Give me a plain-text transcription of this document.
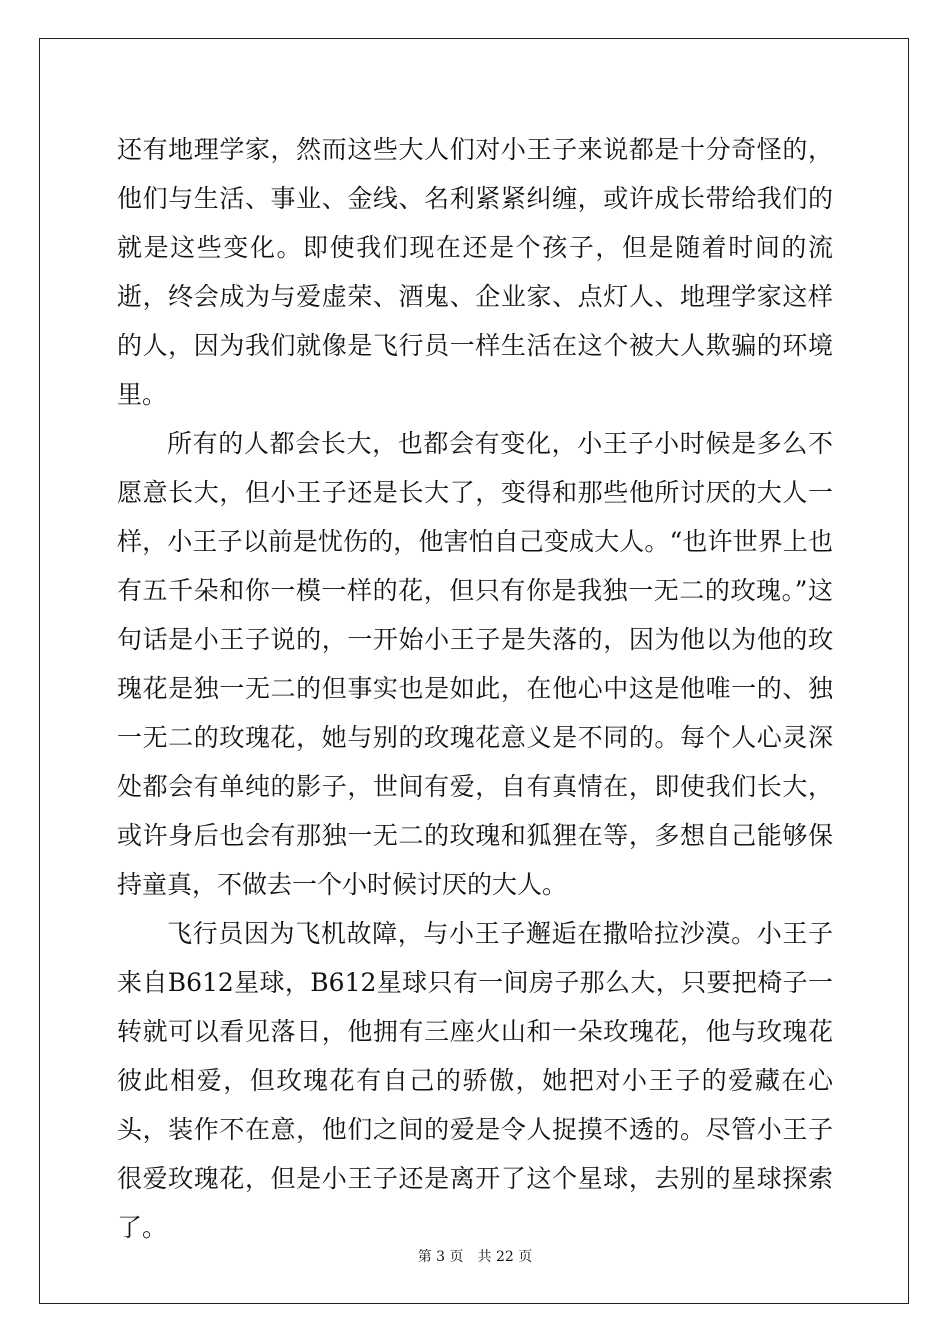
还有地理学家，然而这些大人们对小王子来说都是十分奇怪的，他们与生活、事业、金线、名利紧紧纠缠，或许成长带给我们的就是这些变化。即使我们现在还是个孩子，但是随着时间的流逝，终会成为与爱虚荣、酒鬼、企业家、点灯人、地理学家这样的人，因为我们就像是飞行员一样生活在这个被大人欺骗的环境里。

所有的人都会长大，也都会有变化，小王子小时候是多么不愿意长大，但小王子还是长大了，变得和那些他所讨厌的大人一样，小王子以前是忧伤的，他害怕自己变成大人。“也许世界上也有五千朵和你一模一样的花，但只有你是我独一无二的玫瑰。”这句话是小王子说的，一开始小王子是失落的，因为他以为他的玫瑰花是独一无二的但事实也是如此，在他心中这是他唯一的、独一无二的玫瑰花，她与别的玫瑰花意义是不同的。每个人心灵深处都会有单纯的影子，世间有爱，自有真情在，即使我们长大，或许身后也会有那独一无二的玫瑰和狐狸在等，多想自己能够保持童真，不做去一个小时候讨厌的大人。

飞行员因为飞机故障，与小王子邂逅在撒哈拉沙漠。小王子来自B612星球，B612星球只有一间房子那么大，只要把椅子一转就可以看见落日，他拥有三座火山和一朵玫瑰花，他与玫瑰花彼此相爱，但玫瑰花有自己的骄傲，她把对小王子的爱藏在心头，装作不在意，他们之间的爱是令人捉摸不透的。尽管小王子很爱玫瑰花，但是小王子还是离开了这个星球，去别的星球探索了。

第 3 页　共 22 页
